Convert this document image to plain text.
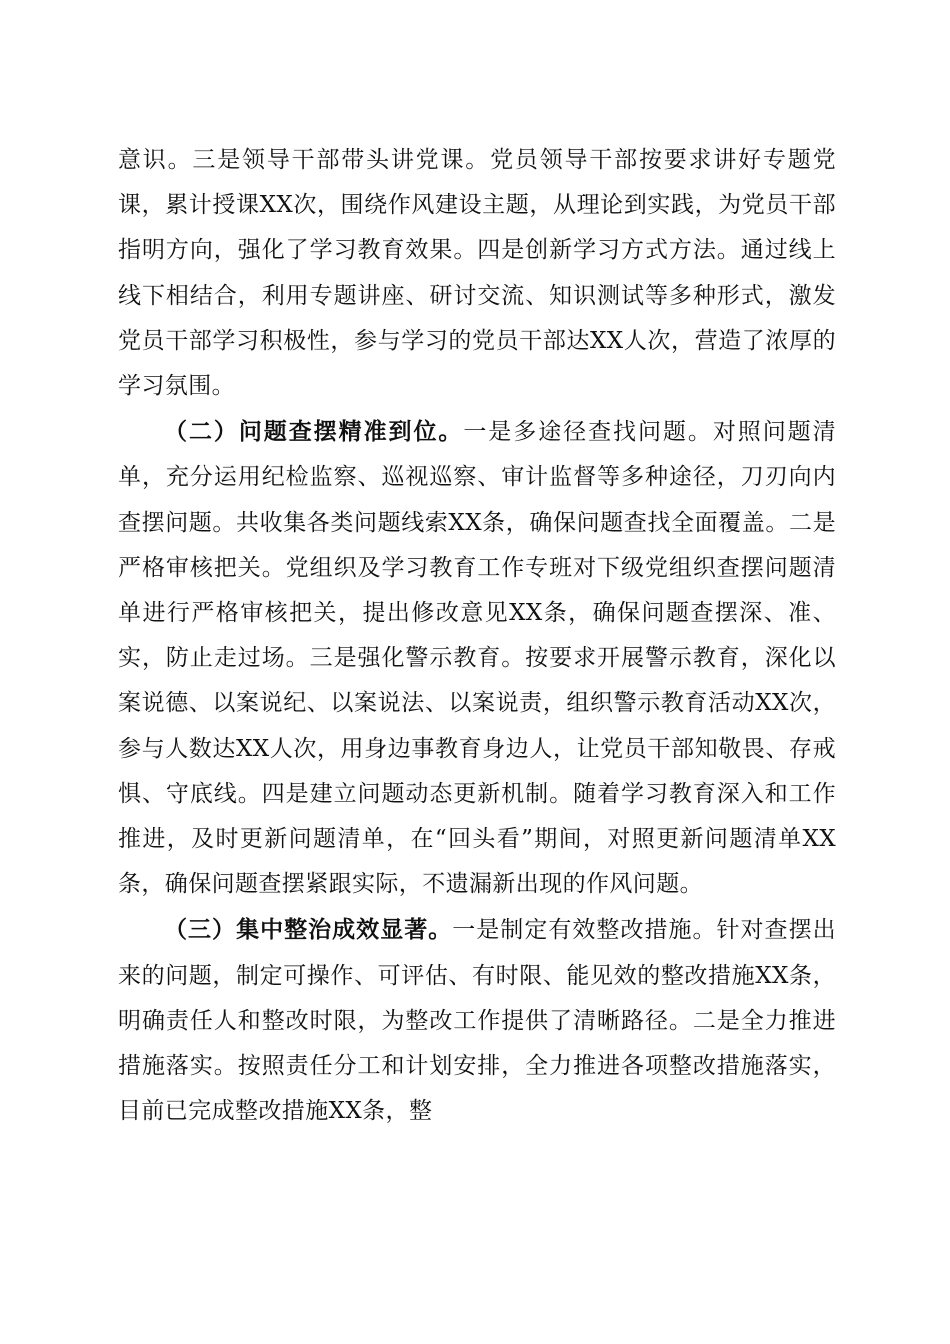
意识。三是领导干部带头讲党课。党员领导干部按要求讲好专题党课，累计授课XX次，围绕作风建设主题，从理论到实践，为党员干部指明方向，强化了学习教育效果。四是创新学习方式方法。通过线上线下相结合，利用专题讲座、研讨交流、知识测试等多种形式，激发党员干部学习积极性，参与学习的党员干部达XX人次，营造了浓厚的学习氛围。

（二）问题查摆精准到位。一是多途径查找问题。对照问题清单，充分运用纪检监察、巡视巡察、审计监督等多种途径，刀刃向内查摆问题。共收集各类问题线索XX条，确保问题查找全面覆盖。二是严格审核把关。党组织及学习教育工作专班对下级党组织查摆问题清单进行严格审核把关，提出修改意见XX条，确保问题查摆深、准、实，防止走过场。三是强化警示教育。按要求开展警示教育，深化以案说德、以案说纪、以案说法、以案说责，组织警示教育活动XX次，参与人数达XX人次，用身边事教育身边人，让党员干部知敬畏、存戒惧、守底线。四是建立问题动态更新机制。随着学习教育深入和工作推进，及时更新问题清单，在“回头看”期间，对照更新问题清单XX条，确保问题查摆紧跟实际，不遗漏新出现的作风问题。

（三）集中整治成效显著。一是制定有效整改措施。针对查摆出来的问题，制定可操作、可评估、有时限、能见效的整改措施XX条，明确责任人和整改时限，为整改工作提供了清晰路径。二是全力推进措施落实。按照责任分工和计划安排，全力推进各项整改措施落实，目前已完成整改措施XX条，整
